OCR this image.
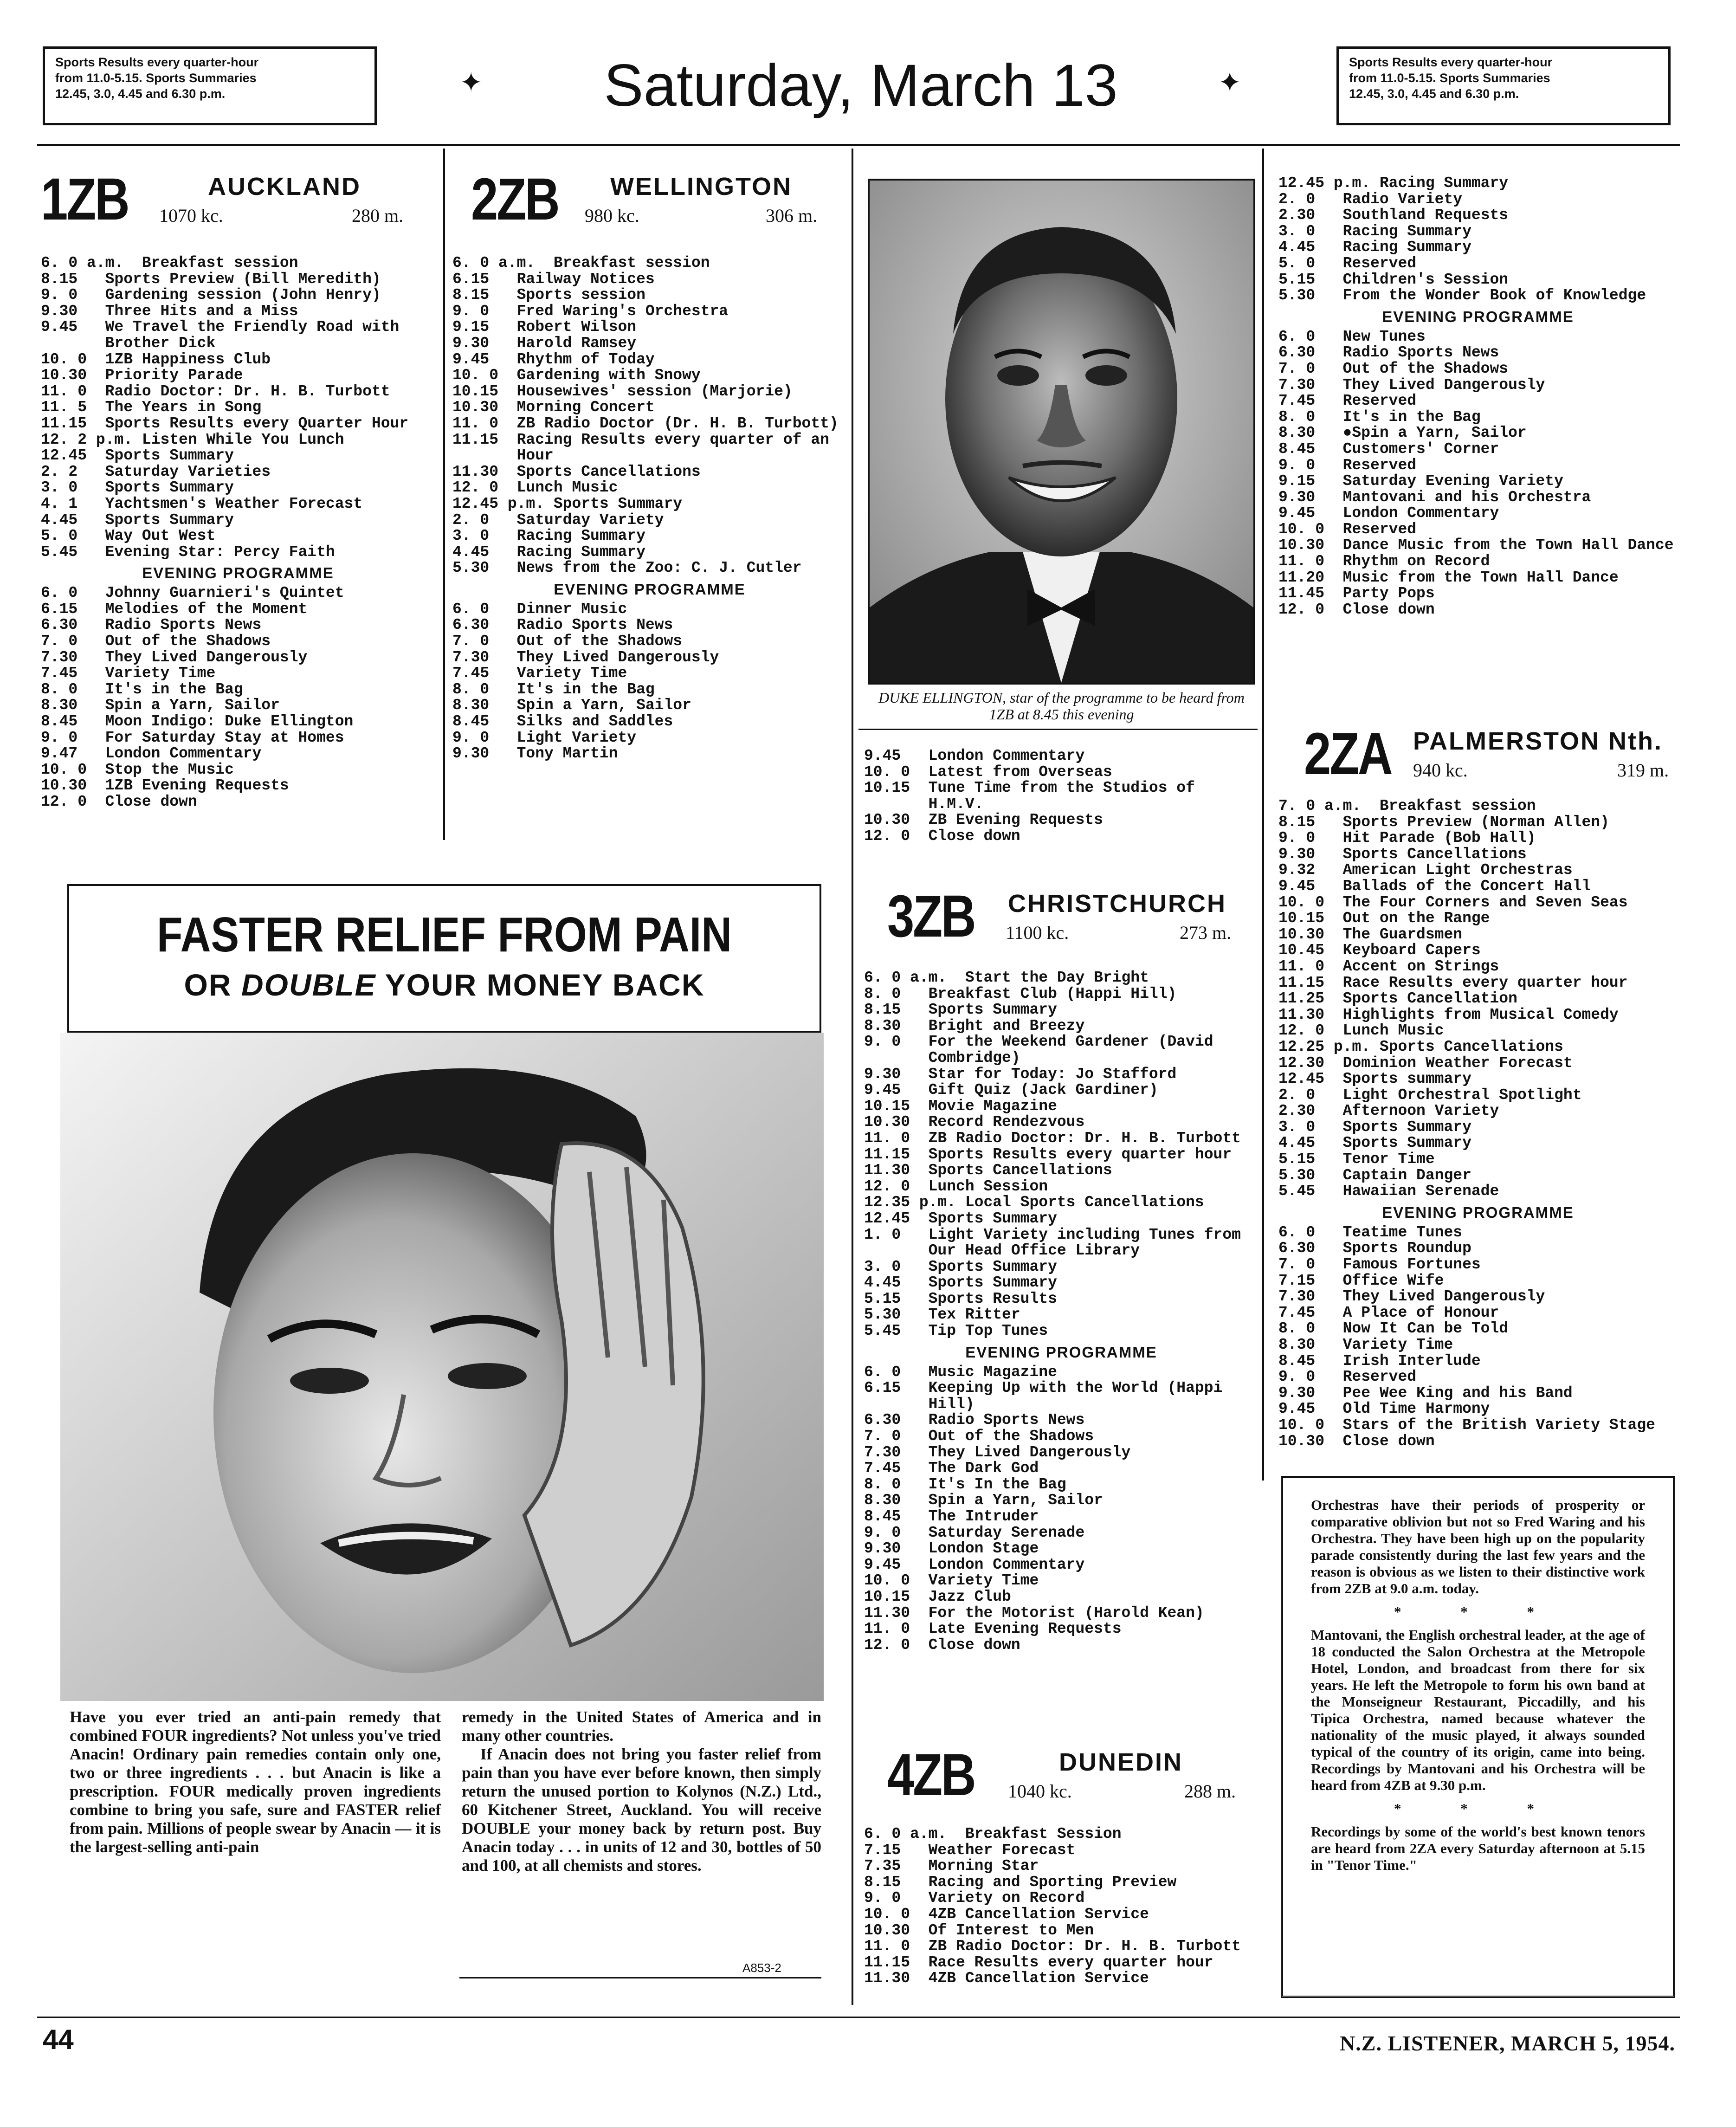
Sports Results every quarter-hour
from 11.0-5.15. Sports Summaries
12.45, 3.0, 4.45 and 6.30 p.m.	✦	Saturday, March 13	✦
Sports Results every quarter-hour
from 11.0-5.15. Sports Summaries
12.45, 3.0, 4.45 and 6.30 p.m.
1ZB	AUCKLAND
1070 kc.	280 m.
6. 0 a.m. Breakfast session
8.15 Sports Preview (Bill Meredith)
9. 0 Gardening session (John Henry)
9.30 Three Hits and a Miss
9.45 We Travel the Friendly Road with Brother Dick
10. 0 1ZB Happiness Club
10.30 Priority Parade
11. 0 Radio Doctor: Dr. H. B. Turbott
11. 5 The Years in Song
11.15 Sports Results every Quarter Hour
12. 2 p.m. Listen While You Lunch
12.45 Sports Summary
2. 2 Saturday Varieties
3. 0 Sports Summary
4. 1 Yachtsmen's Weather Forecast
4.45 Sports Summary
5. 0 Way Out West
5.45 Evening Star: Percy Faith
EVENING PROGRAMME
6. 0 Johnny Guarnieri's Quintet
6.15 Melodies of the Moment
6.30 Radio Sports News
7. 0 Out of the Shadows
7.30 They Lived Dangerously
7.45 Variety Time
8. 0 It's in the Bag
8.30 Spin a Yarn, Sailor
8.45 Moon Indigo: Duke Ellington
9. 0 For Saturday Stay at Homes
9.47 London Commentary
10. 0 Stop the Music
10.30 1ZB Evening Requests
12. 0 Close down
2ZB WELLINGTON
980 kc.	306 m.
6. 0 a.m. Breakfast session
6.15 Railway Notices
8.15 Sports session
9. 0 Fred Waring's Orchestra
9.15 Robert Wilson
9.30 Harold Ramsey
9.45 Rhythm of Today
10. 0 Gardening with Snowy
10.15 Housewives' session (Marjorie)
10.30 Morning Concert
11. 0 ZB Radio Doctor (Dr. H. B. Turbott)
11.15 Racing Results every quarter of an Hour
11.30 Sports Cancellations
12. 0 Lunch Music
12.45 p.m. Sports Summary
2. 0 Saturday Variety
3. 0 Racing Summary
4.45 Racing Summary
5.30 News from the Zoo: C. J. Cutler
EVENING PROGRAMME
6. 0 Dinner Music
6.30 Radio Sports News
7. 0 Out of the Shadows
7.30 They Lived Dangerously
7.45 Variety Time
8. 0 It's in the Bag
8.30 Spin a Yarn, Sailor
8.45 Silks and Saddles
9. 0 Light Variety
9.30 Tony Martin
DUKE ELLINGTON, star of the programme to be heard from 1ZB at 8.45 this evening
9.45 London Commentary
10. 0 Latest from Overseas
10.15 Tune Time from the Studios of H.M.V.
10.30 ZB Evening Requests
12. 0 Close down
3ZB CHRISTCHURCH
1100 kc.	273 m.
6. 0 a.m. Start the Day Bright
8. 0 Breakfast Club (Happi Hill)
8.15 Sports Summary
8.30 Bright and Breezy
9. 0 For the Weekend Gardener (David Combridge)
9.30 Star for Today: Jo Stafford
9.45 Gift Quiz (Jack Gardiner)
10.15 Movie Magazine
10.30 Record Rendezvous
11. 0 ZB Radio Doctor: Dr. H. B. Turbott
11.15 Sports Results every quarter hour
11.30 Sports Cancellations
12. 0 Lunch Session
12.35 p.m. Local Sports Cancellations
12.45 Sports Summary
1. 0 Light Variety including Tunes from Our Head Office Library
3. 0 Sports Summary
4.45 Sports Summary
5.15 Sports Results
5.30 Tex Ritter
5.45 Tip Top Tunes
EVENING PROGRAMME
6. 0 Music Magazine
6.15 Keeping Up with the World (Happi Hill)
6.30 Radio Sports News
7. 0 Out of the Shadows
7.30 They Lived Dangerously
7.45 The Dark God
8. 0 It's In the Bag
8.30 Spin a Yarn, Sailor
8.45 The Intruder
9. 0 Saturday Serenade
9.30 London Stage
9.45 London Commentary
10. 0 Variety Time
10.15 Jazz Club
11.30 For the Motorist (Harold Kean)
11. 0 Late Evening Requests
12. 0 Close down
4ZB	DUNEDIN
1040 kc.	288 m.
6. 0 a.m. Breakfast Session
7.15 Weather Forecast
7.35 Morning Star
8.15 Racing and Sporting Preview
9. 0 Variety on Record
10. 0 4ZB Cancellation Service
10.30 Of Interest to Men
11. 0 ZB Radio Doctor: Dr. H. B. Turbott
11.15 Race Results every quarter hour
11.30 4ZB Cancellation Service
12.45 p.m. Racing Summary
2. 0 Radio Variety
2.30 Southland Requests
3. 0 Racing Summary
4.45 Racing Summary
5. 0 Reserved
5.15 Children's Session
5.30 From the Wonder Book of Knowledge
EVENING PROGRAMME
6. 0 New Tunes
6.30 Radio Sports News
7. 0 Out of the Shadows
7.30 They Lived Dangerously
7.45 Reserved
8. 0 It's in the Bag
8.30 ●Spin a Yarn, Sailor
8.45 Customers' Corner
9. 0 Reserved
9.15 Saturday Evening Variety
9.30 Mantovani and his Orchestra
9.45 London Commentary
10. 0 Reserved
10.30 Dance Music from the Town Hall Dance
11. 0 Rhythm on Record
11.20 Music from the Town Hall Dance
11.45 Party Pops
12. 0 Close down
2ZA PALMERSTON Nth.
940 kc.	319 m.
7. 0 a.m. Breakfast session
8.15 Sports Preview (Norman Allen)
9. 0 Hit Parade (Bob Hall)
9.30 Sports Cancellations
9.32 American Light Orchestras
9.45 Ballads of the Concert Hall
10. 0 The Four Corners and Seven Seas
10.15 Out on the Range
10.30 The Guardsmen
10.45 Keyboard Capers
11. 0 Accent on Strings
11.15 Race Results every quarter hour
11.25 Sports Cancellation
11.30 Highlights from Musical Comedy
12. 0 Lunch Music
12.25 p.m. Sports Cancellations
12.30 Dominion Weather Forecast
12.45 Sports summary
2. 0 Light Orchestral Spotlight
2.30 Afternoon Variety
3. 0 Sports Summary
4.45 Sports Summary
5.15 Tenor Time
5.30 Captain Danger
5.45 Hawaiian Serenade
EVENING PROGRAMME
6. 0 Teatime Tunes
6.30 Sports Roundup
7. 0 Famous Fortunes
7.15 Office Wife
7.30 They Lived Dangerously
7.45 A Place of Honour
8. 0 Now It Can be Told
8.30 Variety Time
8.45 Irish Interlude
9. 0 Reserved
9.30 Pee Wee King and his Band
9.45 Old Time Harmony
10. 0 Stars of the British Variety Stage
10.30 Close down

Orchestras have their periods of prosperity or comparative oblivion but not so Fred Waring and his Orchestra. They have been high up on the popularity parade consistently during the last few years and the reason is obvious as we listen to their distinctive work from 2ZB at 9.0 a.m. today.

* * *

Mantovani, the English orchestral leader, at the age of 18 conducted the Salon Orchestra at the Metropole Hotel, London, and broadcast from there for six years. He left the Metropole to form his own band at the Monseigneur Restaurant, Piccadilly, and his Tipica Orchestra, named because whatever the nationality of the music played, it always sounded typical of the country of its origin, came into being. Recordings by Mantovani and his Orchestra will be heard from 4ZB at 9.30 p.m.

* * *

Recordings by some of the world's best known tenors are heard from 2ZA every Saturday afternoon at 5.15 in "Tenor Time."

FASTER RELIEF FROM PAIN
OR DOUBLE YOUR MONEY BACK
Have you ever tried an anti-pain remedy that combined FOUR ingredients? Not unless you've tried Anacin! Ordinary pain remedies contain only one, two or three ingredients . . . but Anacin is like a prescription. FOUR medically proven ingredients combine to bring you safe, sure and FASTER relief from pain. Millions of people swear by Anacin — it is the largest-selling anti-pain
remedy in the United States of America and in many other countries.
If Anacin does not bring you faster relief from pain than you have ever before known, then simply return the unused portion to Kolynos (N.Z.) Ltd., 60 Kitchener Street, Auckland. You will receive DOUBLE your money back by return post. Buy Anacin today . . . in units of 12 and 30, bottles of 50 and 100, at all chemists and stores.
A853-2
44	N.Z. LISTENER, MARCH 5, 1954.
